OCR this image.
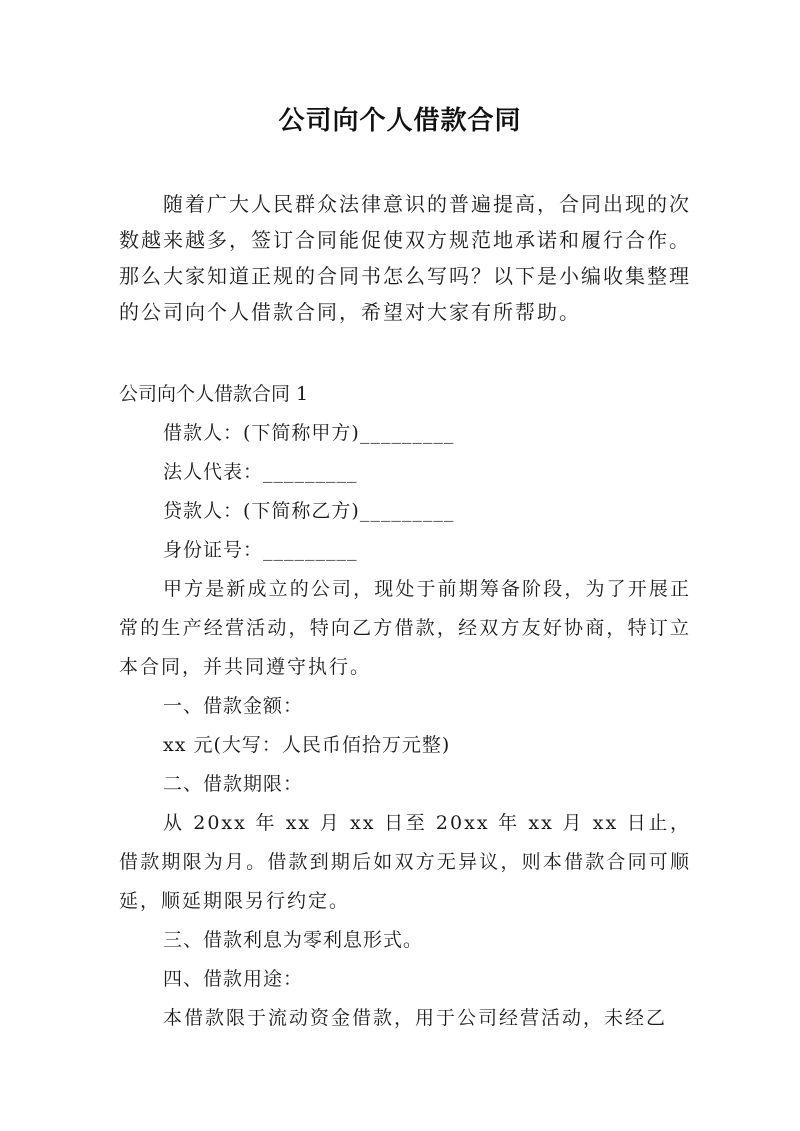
公司向个人借款合同

随着广大人民群众法律意识的普遍提高，合同出现的次数越来越多，签订合同能促使双方规范地承诺和履行合作。那么大家知道正规的合同书怎么写吗？以下是小编收集整理的公司向个人借款合同，希望对大家有所帮助。

公司向个人借款合同 1

借款人：(下简称甲方)_________

法人代表：_________

贷款人：(下简称乙方)_________

身份证号：_________

甲方是新成立的公司，现处于前期筹备阶段，为了开展正常的生产经营活动，特向乙方借款，经双方友好协商，特订立本合同，并共同遵守执行。

一、借款金额：

xx 元(大写：人民币佰拾万元整)

二、借款期限：

从 20xx 年 xx 月 xx 日至 20xx 年 xx 月 xx 日止，借款期限为月。借款到期后如双方无异议，则本借款合同可顺延，顺延期限另行约定。

三、借款利息为零利息形式。

四、借款用途：

本借款限于流动资金借款，用于公司经营活动，未经乙
